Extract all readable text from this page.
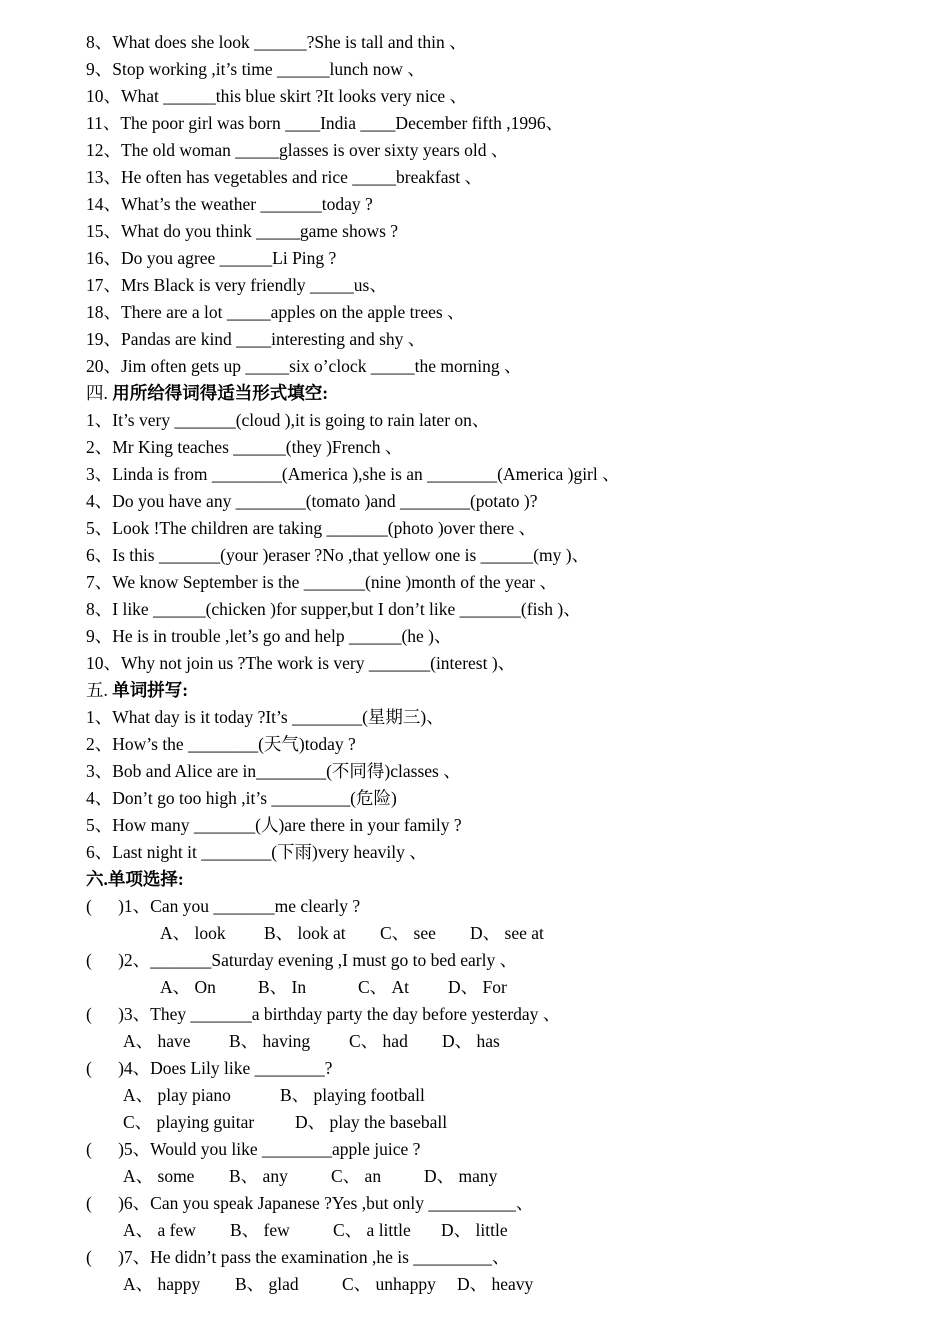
8、What does she look ______?She is tall and thin 、
9、Stop working ,it’s time ______lunch now 、
10、What ______this blue skirt ?It looks very nice 、
11、The poor girl was born ____India ____December fifth ,1996、
12、The old woman _____glasses is over sixty years old 、
13、He often has vegetables and rice _____breakfast 、
14、What’s the weather _______today ?
15、What do you think _____game shows ?
16、Do you agree ______Li Ping ?
17、Mrs Black is very friendly _____us、
18、There are a lot _____apples on the apple trees 、
19、Pandas are kind ____interesting and shy 、
20、Jim often gets up _____six o’clock _____the morning 、
四. 用所给得词得适当形式填空:
1、It’s very _______(cloud ),it is going to rain later on、
2、Mr King teaches ______(they )French 、
3、Linda is from ________(America ),she is an ________(America )girl 、
4、Do you have any ________(tomato )and ________(potato )?
5、Look !The children are taking _______(photo )over there 、
6、Is this _______(your )eraser ?No ,that yellow one is ______(my )、
7、We know September is the _______(nine )month of the year 、
8、I like ______(chicken )for supper,but I don’t like _______(fish )、
9、He is in trouble ,let’s go and help ______(he )、
10、Why not join us ?The work is very _______(interest )、
五. 单词拼写:
1、What day is it today ?It’s ________(星期三)、
2、How’s the ________(天气)today ?
3、Bob and Alice are in________(不同得)classes 、
4、Don’t go too high ,it’s _________(危险)
5、How many _______(人)are there in your family ?
6、Last night it ________(下雨)very heavily 、
六.单项选择:
(      )1、Can you _______me clearly ?
A、 look B、 look at C、 see D、 see at
(      )2、_______Saturday evening ,I must go to bed early 、
A、 On B、 In	C、 At D、 For
(      )3、They _______a birthday party the day before yesterday 、
A、 have B、 having C、 had D、 has
(      )4、Does Lily like ________?
A、 play piano	B、 playing football
C、 playing guitar D、 play the baseball
(      )5、Would you like ________apple juice ?
A、 some B、 any C、 an D、 many
(      )6、Can you speak Japanese ?Yes ,but only __________、
A、 a few B、 few C、 a little D、 little
(      )7、He didn’t pass the examination ,he is _________、
A、 happy B、 glad C、 unhappy D、 heavy
